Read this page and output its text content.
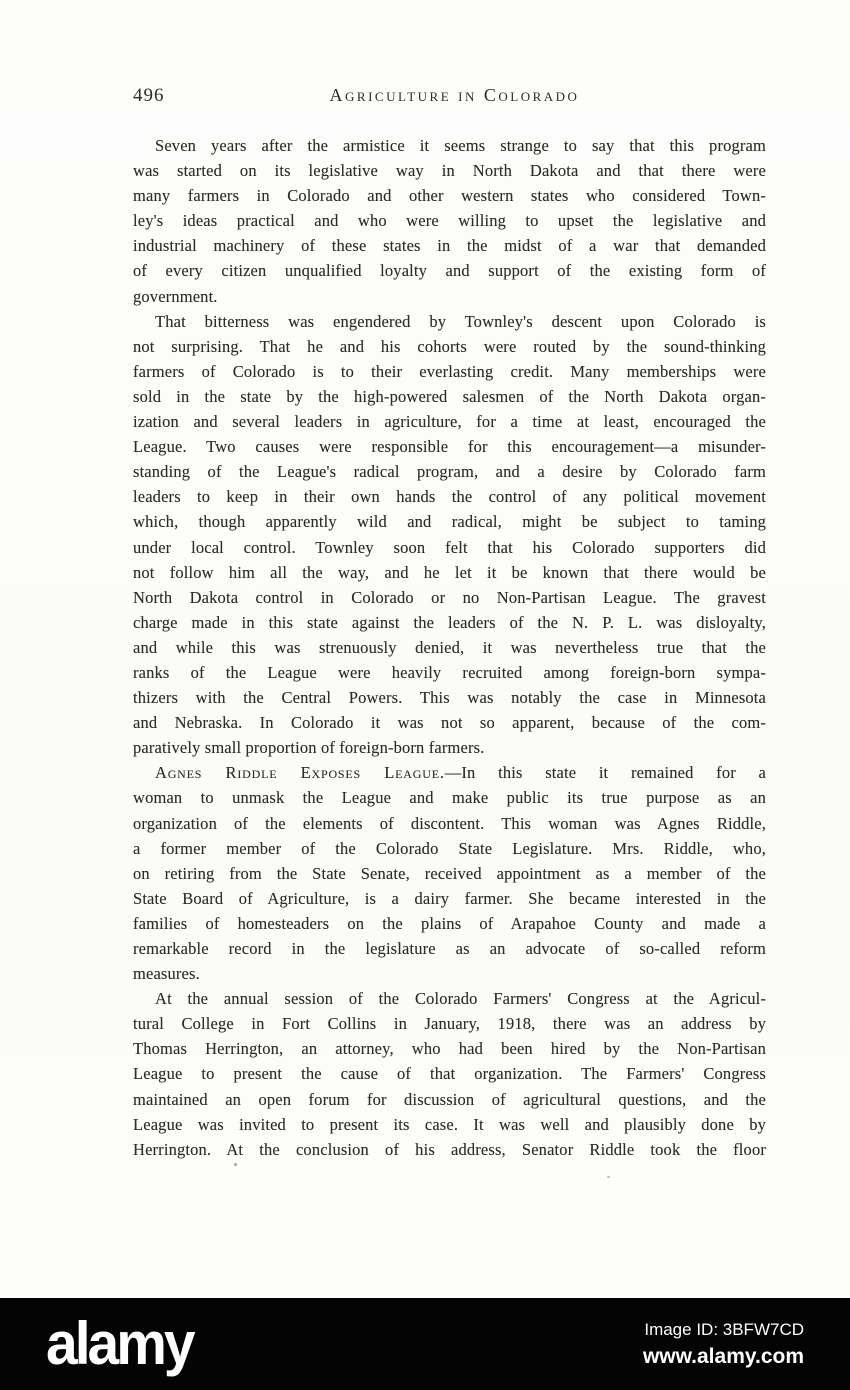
496	Agriculture in Colorado
Seven years after the armistice it seems strange to say that this program
was started on its legislative way in North Dakota and that there were
many farmers in Colorado and other western states who considered Town-
ley's ideas practical and who were willing to upset the legislative and
industrial machinery of these states in the midst of a war that demanded
of every citizen unqualified loyalty and support of the existing form of
government.
That bitterness was engendered by Townley's descent upon Colorado is
not surprising. That he and his cohorts were routed by the sound-thinking
farmers of Colorado is to their everlasting credit. Many memberships were
sold in the state by the high-powered salesmen of the North Dakota organ-
ization and several leaders in agriculture, for a time at least, encouraged the
League. Two causes were responsible for this encouragement—a misunder-
standing of the League's radical program, and a desire by Colorado farm
leaders to keep in their own hands the control of any political movement
which, though apparently wild and radical, might be subject to taming
under local control. Townley soon felt that his Colorado supporters did
not follow him all the way, and he let it be known that there would be
North Dakota control in Colorado or no Non-Partisan League. The gravest
charge made in this state against the leaders of the N. P. L. was disloyalty,
and while this was strenuously denied, it was nevertheless true that the
ranks of the League were heavily recruited among foreign-born sympa-
thizers with the Central Powers. This was notably the case in Minnesota
and Nebraska. In Colorado it was not so apparent, because of the com-
paratively small proportion of foreign-born farmers.
Agnes Riddle Exposes League.—In this state it remained for a
woman to unmask the League and make public its true purpose as an
organization of the elements of discontent. This woman was Agnes Riddle,
a former member of the Colorado State Legislature. Mrs. Riddle, who,
on retiring from the State Senate, received appointment as a member of the
State Board of Agriculture, is a dairy farmer. She became interested in the
families of homesteaders on the plains of Arapahoe County and made a
remarkable record in the legislature as an advocate of so-called reform
measures.
At the annual session of the Colorado Farmers' Congress at the Agricul-
tural College in Fort Collins in January, 1918, there was an address by
Thomas Herrington, an attorney, who had been hired by the Non-Partisan
League to present the cause of that organization. The Farmers' Congress
maintained an open forum for discussion of agricultural questions, and the
League was invited to present its case. It was well and plausibly done by
Herrington. At the conclusion of his address, Senator Riddle took the floor
alamy	Image ID: 3BFW7CD
www.alamy.com
